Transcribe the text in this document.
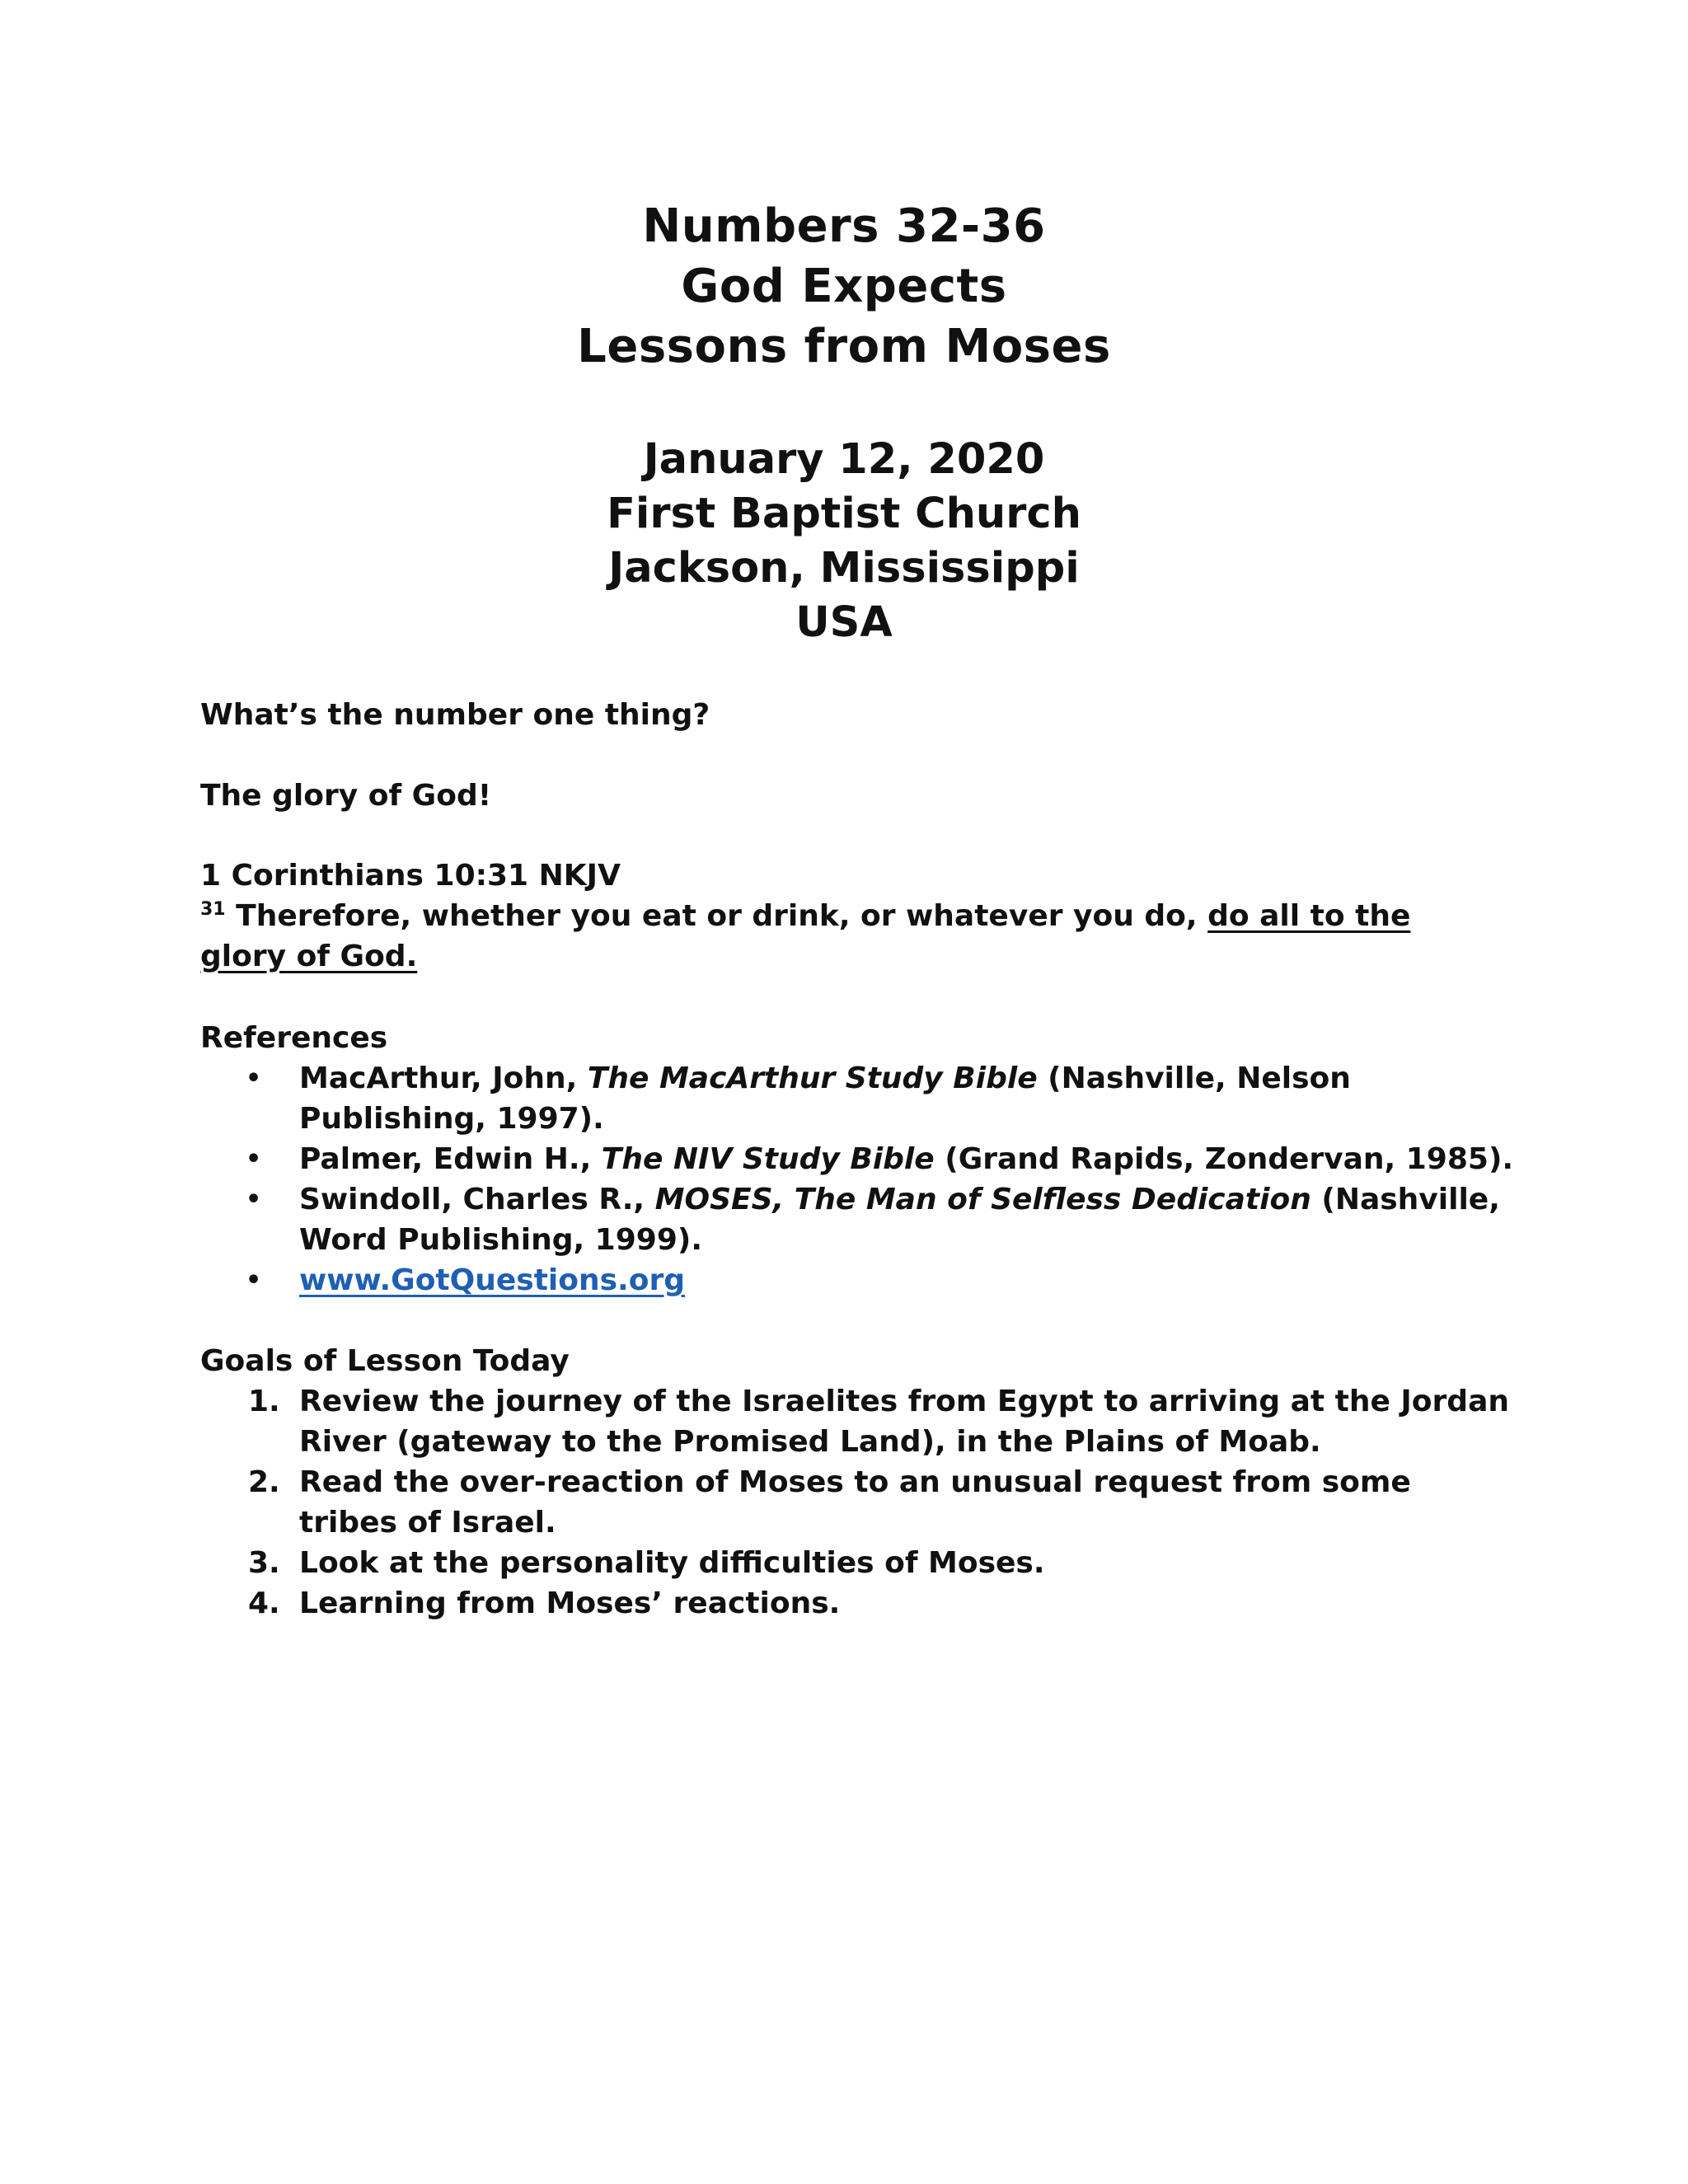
Numbers 32-36
God Expects
Lessons from Moses
January 12, 2020
First Baptist Church
Jackson, Mississippi
USA
What’s the number one thing?
The glory of God!
1 Corinthians 10:31 NKJV
$^{31}$ Therefore, whether you eat or drink, or whatever you do, do all to the glory of God.
References
• MacArthur, John, The MacArthur Study Bible (Nashville, Nelson Publishing, 1997).
• Palmer, Edwin H., The NIV Study Bible (Grand Rapids, Zondervan, 1985).
• Swindoll, Charles R., MOSES, The Man of Selfless Dedication (Nashville, Word Publishing, 1999).
• www.GotQuestions.org
Goals of Lesson Today
1. Review the journey of the Israelites from Egypt to arriving at the Jordan River (gateway to the Promised Land), in the Plains of Moab.
2. Read the over-reaction of Moses to an unusual request from some tribes of Israel.
3. Look at the personality difficulties of Moses.
4. Learning from Moses’ reactions.
